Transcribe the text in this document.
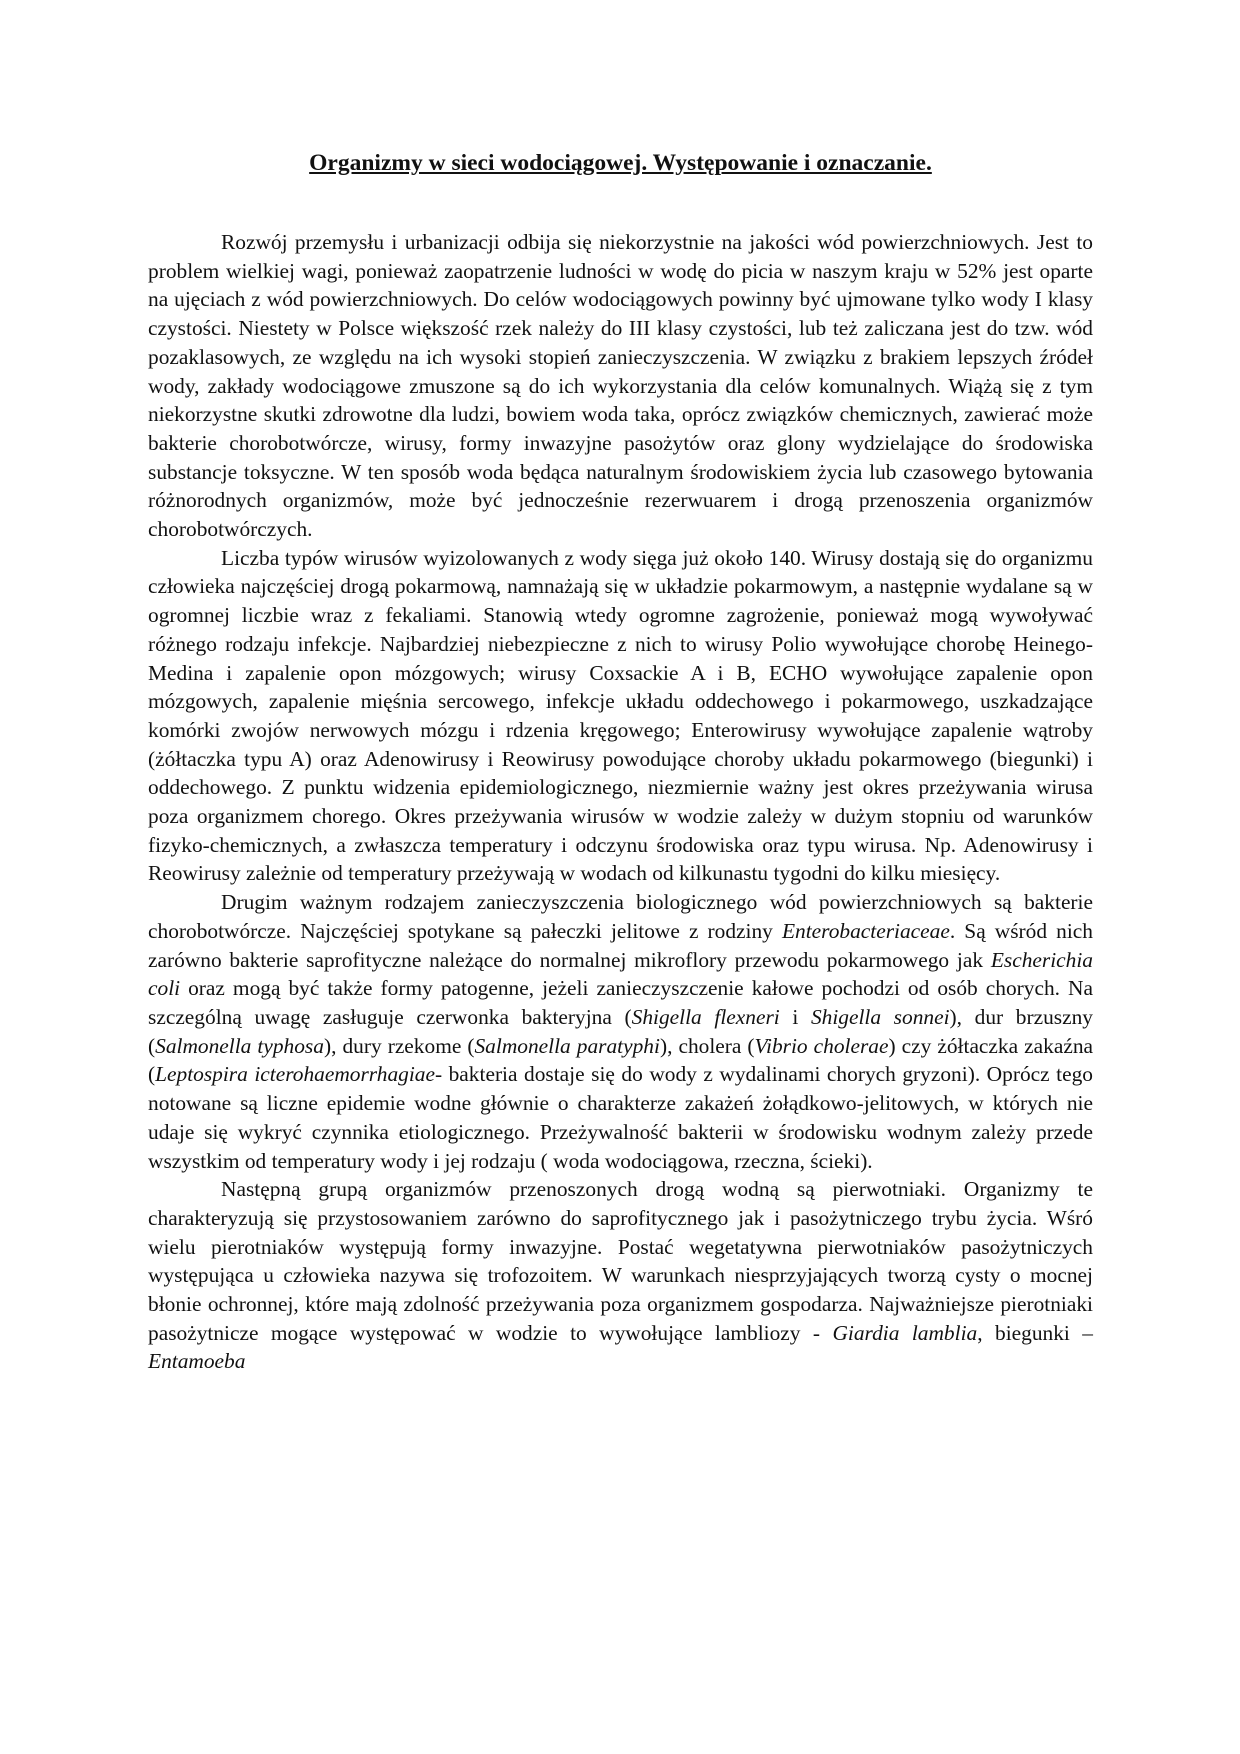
Organizmy w sieci wodociągowej. Występowanie i oznaczanie.

Rozwój przemysłu i urbanizacji odbija się niekorzystnie na jakości wód powierzchniowych. Jest to problem wielkiej wagi, ponieważ zaopatrzenie ludności w wodę do picia w naszym kraju w 52% jest oparte na ujęciach z wód powierzchniowych. Do celów wodociągowych powinny być ujmowane tylko wody I klasy czystości. Niestety w Polsce większość rzek należy do III klasy czystości, lub też zaliczana jest do tzw. wód pozaklasowych, ze względu na ich wysoki stopień zanieczyszczenia. W związku z brakiem lepszych źródeł wody, zakłady wodociągowe zmuszone są do ich wykorzystania dla celów komunalnych. Wiążą się z tym niekorzystne skutki zdrowotne dla ludzi, bowiem woda taka, oprócz związków chemicznych, zawierać może bakterie chorobotwórcze, wirusy, formy inwazyjne pasożytów oraz glony wydzielające do środowiska substancje toksyczne. W ten sposób woda będąca naturalnym środowiskiem życia lub czasowego bytowania różnorodnych organizmów, może być jednocześnie rezerwuarem i drogą przenoszenia organizmów chorobotwórczych.

Liczba typów wirusów wyizolowanych z wody sięga już około 140. Wirusy dostają się do organizmu człowieka najczęściej drogą pokarmową, namnażają się w układzie pokarmowym, a następnie wydalane są w ogromnej liczbie wraz z fekaliami. Stanowią wtedy ogromne zagrożenie, ponieważ mogą wywoływać różnego rodzaju infekcje. Najbardziej niebezpieczne z nich to wirusy Polio wywołujące chorobę Heinego-Medina i zapalenie opon mózgowych; wirusy Coxsackie A i B, ECHO wywołujące zapalenie opon mózgowych, zapalenie mięśnia sercowego, infekcje układu oddechowego i pokarmowego, uszkadzające komórki zwojów nerwowych mózgu i rdzenia kręgowego; Enterowirusy wywołujące zapalenie wątroby (żółtaczka typu A) oraz Adenowirusy i Reowirusy powodujące choroby układu pokarmowego (biegunki) i oddechowego. Z punktu widzenia epidemiologicznego, niezmiernie ważny jest okres przeżywania wirusa poza organizmem chorego. Okres przeżywania wirusów w wodzie zależy w dużym stopniu od warunków fizyko-chemicznych, a zwłaszcza temperatury i odczynu środowiska oraz typu wirusa. Np. Adenowirusy i Reowirusy zależnie od temperatury przeżywają w wodach od kilkunastu tygodni do kilku miesięcy.

Drugim ważnym rodzajem zanieczyszczenia biologicznego wód powierzchniowych są bakterie chorobotwórcze. Najczęściej spotykane są pałeczki jelitowe z rodziny Enterobacteriaceae. Są wśród nich zarówno bakterie saprofityczne należące do normalnej mikroflory przewodu pokarmowego jak Escherichia coli oraz mogą być także formy patogenne, jeżeli zanieczyszczenie kałowe pochodzi od osób chorych. Na szczególną uwagę zasługuje czerwonka bakteryjna (Shigella flexneri i Shigella sonnei), dur brzuszny (Salmonella typhosa), dury rzekome (Salmonella paratyphi), cholera (Vibrio cholerae) czy żółtaczka zakaźna (Leptospira icterohaemorrhagiae- bakteria dostaje się do wody z wydalinami chorych gryzoni). Oprócz tego notowane są liczne epidemie wodne głównie o charakterze zakażeń żołądkowo-jelitowych, w których nie udaje się wykryć czynnika etiologicznego. Przeżywalność bakterii w środowisku wodnym zależy przede wszystkim od temperatury wody i jej rodzaju ( woda wodociągowa, rzeczna, ścieki).

Następną grupą organizmów przenoszonych drogą wodną są pierwotniaki. Organizmy te charakteryzują się przystosowaniem zarówno do saprofitycznego jak i pasożytniczego trybu życia. Wśró wielu pierotniaków występują formy inwazyjne. Postać wegetatywna pierwotniaków pasożytniczych występująca u człowieka nazywa się trofozoitem. W warunkach niesprzyjających tworzą cysty o mocnej błonie ochronnej, które mają zdolność przeżywania poza organizmem gospodarza. Najważniejsze pierotniaki pasożytnicze mogące występować w wodzie to wywołujące lambliozy - Giardia lamblia, biegunki – Entamoeba
